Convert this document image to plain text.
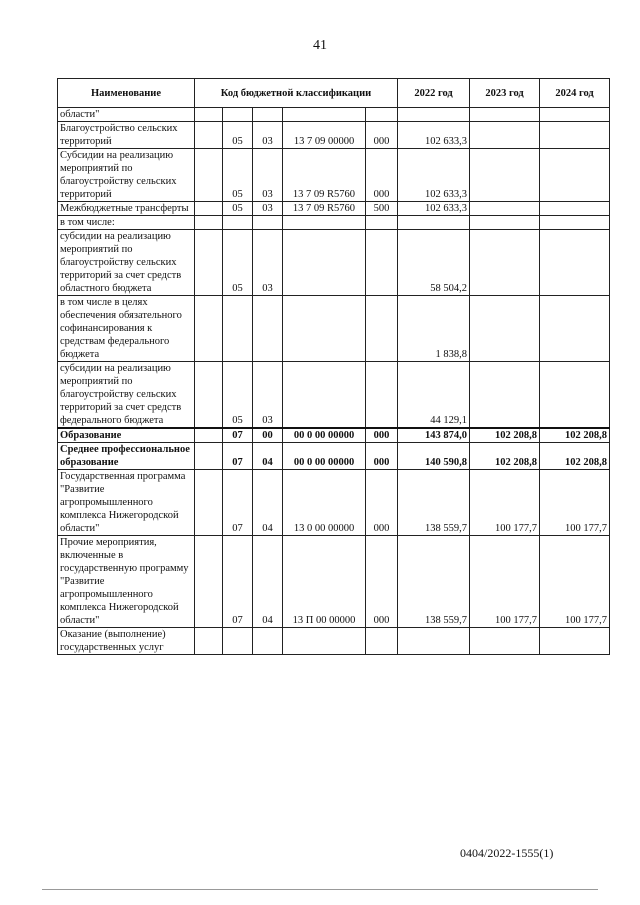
41
Наименование	Код бюджетной классификации					2022 год	2023 год	2024 год
области"								
Благоустройство сельских территорий		05	03	13 7 09 00000	000	102 633,3		
Субсидии на реализацию мероприятий по благоустройству сельских территорий		05	03	13 7 09 R5760	000	102 633,3		
Межбюджетные трансферты		05	03	13 7 09 R5760	500	102 633,3		
в том числе:								
субсидии на реализацию мероприятий по благоустройству сельских территорий за счет средств областного бюджета		05	03			58 504,2		
в том числе в целях обеспечения обязательного софинансирования к средствам федерального бюджета						1 838,8		
субсидии на реализацию мероприятий по благоустройству сельских территорий за счет средств федерального бюджета		05	03			44 129,1		
Образование		07	00	00 0 00 00000	000	143 874,0	102 208,8	102 208,8
Среднее профессиональное образование		07	04	00 0 00 00000	000	140 590,8	102 208,8	102 208,8
Государственная программа "Развитие агропромышленного комплекса Нижегородской области"		07	04	13 0 00 00000	000	138 559,7	100 177,7	100 177,7
Прочие мероприятия, включенные в государственную программу "Развитие агропромышленного комплекса Нижегородской области"		07	04	13 П 00 00000	000	138 559,7	100 177,7	100 177,7
Оказание (выполнение) государственных услуг								
0404/2022-1555(1)
